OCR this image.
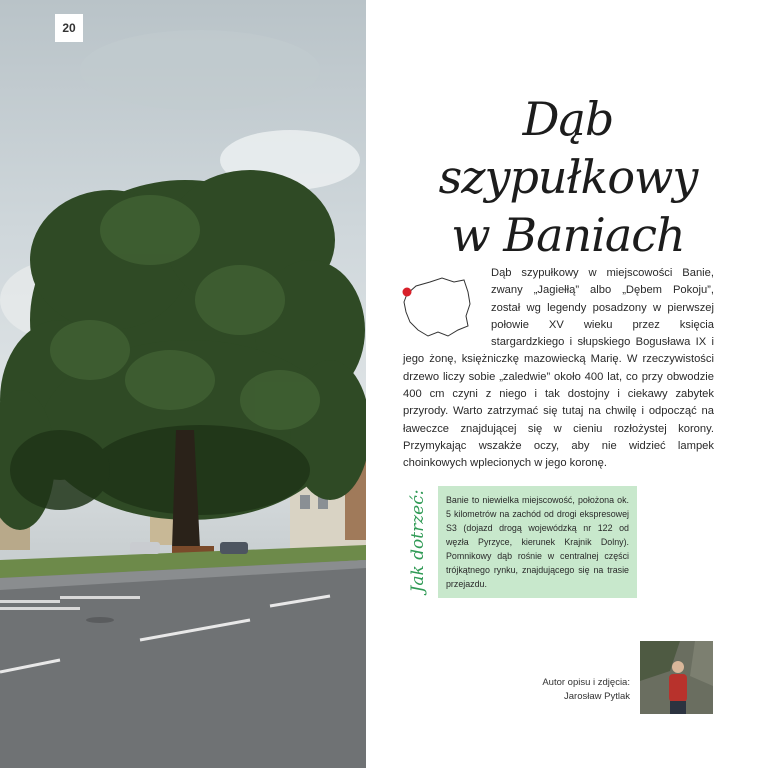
20
Dąb szypułkowy
w Baniach
Dąb szypułkowy w miejscowości Banie, zwany „Jagiełłą” albo „Dębem Pokoju”, został wg legendy posadzony w pierwszej połowie XV wieku przez księcia stargardzkiego i słupskiego Bogusława IX i jego żonę, księżniczkę mazowiecką Marię. W rzeczywistości drzewo liczy sobie „zaledwie” około 400 lat, co przy obwodzie 400 cm czyni z niego i tak dostojny i ciekawy zabytek przyrody. Warto zatrzymać się tutaj na chwilę i odpocząć na ławeczce znajdującej się w cieniu rozłożystej korony. Przymykając wszakże oczy, aby nie widzieć lampek choinkowych wplecionych w jego koronę.
Jak dotrzeć:	Banie to niewielka miejscowość, położona ok. 5 kilometrów na zachód od drogi ekspresowej S3 (dojazd drogą wojewódzką nr 122 od węzła Pyrzyce, kierunek Krajnik Dolny). Pomnikowy dąb rośnie w centralnej części trójkątnego rynku, znajdującego się na trasie przejazdu.
Autor opisu i zdjęcia:
Jarosław Pytlak
